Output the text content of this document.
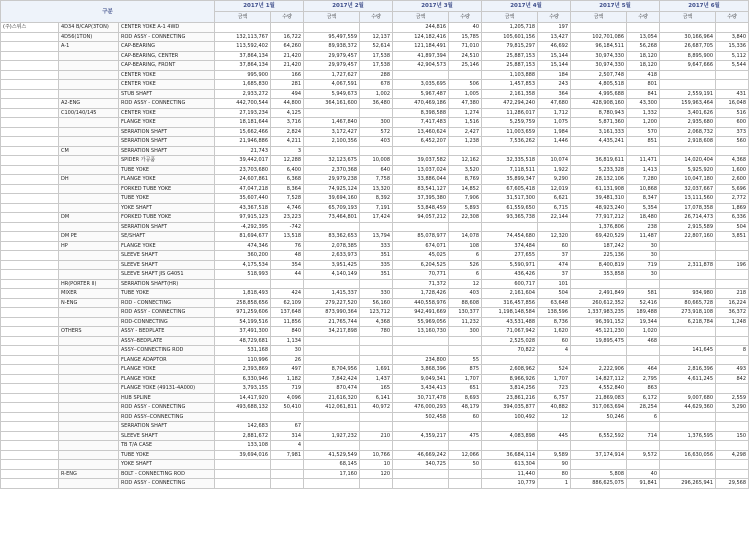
구분			2017년 1월		2017년 2월		2017년 3월		2017년 4월		2017년 5월		2017년 6월	
			금액	수량	금액	수량	금액	수량	금액	수량	금액	수량	금액	수량
(주)스위스	4D34 B/CAP(3TON)	CENTER YOKE A-1 4WD					244,816	40	1,205,718	197				
	4D56(1TON)	ROD ASSY - CONNECTING	132,113,767	16,722	95,497,559	12,137	124,182,416	15,785	105,601,156	13,427	102,701,086	13,054	30,166,964	3,840
	A-1	CAP-BEARING	113,592,402	64,260	89,938,372	52,614	121,184,491	71,010	79,815,297	46,692	96,184,511	56,268	26,687,705	15,336
		CAP-BEARING, CENTER	37,864,134	21,420	29,979,457	17,538	41,897,394	24,510	25,887,153	15,144	30,974,330	18,120	8,895,900	5,112
		CAP-BEARING, FRONT	37,864,134	21,420	29,979,457	17,538	42,904,573	25,146	25,887,153	15,144	30,974,330	18,120	9,647,666	5,544
		CENTER YOKE	995,900	166	1,727,627	288			1,103,888	184	2,507,748	418		
		CENTER YOKE	1,685,830	281	4,067,591	678	3,035,695	506	1,457,853	243	4,805,518	801		
		STUB SHAFT	2,933,272	494	5,949,673	1,002	5,967,487	1,005	2,161,358	364	4,995,688	841	2,559,191	431
	A2-ENG	ROD ASSY - CONNECTING	442,700,544	44,800	364,161,600	36,480	470,469,186	47,380	472,294,240	47,680	428,908,160	43,300	159,963,464	16,048
	C100/140/145	CENTER YOKE	27,193,234	4,125			8,398,588	1,274	11,286,017	1,712	8,780,943	1,332	3,401,626	516
		FLANGE YOKE	18,181,644	3,716	1,467,840	300	7,417,483	1,516	5,259,759	1,075	5,871,360	1,200	2,935,680	600
		SERRATION SHAFT	15,662,466	2,824	3,172,427	572	13,460,624	2,427	11,003,659	1,984	3,161,333	570	2,068,732	373
		SERRATION SHAFT	21,946,886	4,211	2,100,356	403	6,452,207	1,238	7,536,262	1,446	4,435,241	851	2,918,608	560
	CM	SERRATION SHAFT	21,743	3										
		SPIDER 가공품	39,442,017	12,288	32,123,675	10,008	39,037,582	12,162	32,335,518	10,074	36,819,611	11,471	14,020,404	4,368
		TUBE YOKE	23,703,680	6,400	2,370,368	640	13,037,024	3,520	7,118,511	1,922	5,233,328	1,413	5,925,920	1,600
	DH	FLANGE YOKE	24,607,861	6,368	29,979,238	7,758	33,886,044	8,769	35,899,347	9,290	28,132,106	7,280	10,047,180	2,600
		FORKED TUBE YOKE	47,047,218	8,364	74,925,124	13,320	83,541,127	14,852	67,605,418	12,019	61,131,908	10,868	32,037,667	5,696
		TUBE YOKE	35,607,440	7,528	39,694,160	8,392	37,395,380	7,906	31,517,300	6,621	39,481,310	8,347	13,111,560	2,772
		YOKE SHAFT	43,367,518	4,746	65,709,193	7,191	53,848,459	5,893	61,559,650	6,715	48,923,240	5,354	17,078,358	1,869
	DM	FORKED TUBE YOKE	97,915,123	23,223	73,464,801	17,424	94,057,212	22,308	93,365,738	22,144	77,917,212	18,480	26,714,473	6,336
		SERRATION SHAFT	-4,292,395	-742							1,376,806	238	2,915,589	504
	DM PE	SE/SHAFT	81,694,677	13,518	83,362,653	13,794	85,078,977	14,078	74,454,680	12,320	69,420,529	11,487	22,807,160	3,851
	HP	FLANGE YOKE	474,346	76	2,078,385	333	674,071	108	374,484	60	187,242	30		
		SLEEVE SHAFT	360,200	48	2,633,973	351	45,025	6	277,655	37	225,136	30		
		SLEEVE SHAFT	4,175,534	354	3,951,425	335	6,204,525	526	5,590,971	474	8,400,819	719	2,311,878	196
		SLEEVE SHAFT JIS G4051	518,993	44	4,140,149	351	70,771	6	436,426	37	353,858	30		
	HR(PORTER II)	SERRATION SHAFT(HR)					71,372	12	600,717	101				
	MIXER	TUBE YOKE	1,818,493	424	1,415,337	330	1,728,426	403	2,161,604	504	2,491,849	581	934,980	218
	N-ENG	ROD - CONNECTING	258,858,656	62,109	279,227,520	56,160	440,558,976	88,608	316,457,856	63,648	260,612,352	52,416	80,665,728	16,224
		ROD ASSY - CONNECTING	971,259,606	137,648	873,990,364	123,712	942,491,669	130,377	1,198,148,584	138,596	1,337,983,235	189,488	273,918,108	36,372
		ROD-CONNECTING	54,199,516	11,856	21,765,744	4,368	55,969,056	11,232	43,531,488	8,736	96,391,152	19,344	6,218,784	1,248
	OTHERS	ASSY - BEDPLATE	37,491,300	840	34,217,898	780	13,160,730	300	71,067,942	1,620	45,121,230	1,020		
		ASSY--BEDPLATE	48,729,681	1,134					2,525,028	60	19,895,475	468		
		ASSY--CONNECTING ROD	531,168	30					70,822	4			141,645	8
		FLANGE ADAPTOR	110,996	26			234,800	55						
		FLANGE YOKE	2,393,869	497	8,704,956	1,691	3,868,396	875	2,608,962	524	2,222,906	464	2,816,396	493
		FLANGE YOKE	6,330,946	1,182	7,842,424	1,437	9,049,341	1,707	8,966,926	1,707	14,827,112	2,795	4,611,245	842
		FLANGE YOKE (49131-4A000)	3,793,155	719	870,474	165	3,434,413	651	3,814,256	723	4,552,840	863		
		HUB SPLINE	14,417,920	4,096	21,616,320	6,141	30,717,478	8,693	23,861,216	6,757	21,869,083	6,172	9,007,680	2,559
		ROD ASSY - CONNECTING	493,688,132	50,410	412,061,811	40,972	476,000,293	48,179	394,035,877	40,882	317,063,694	28,254	44,629,360	3,290
		ROD ASSY--CONNECTING					502,458	60	100,492	12	50,246	6		
		SERRATION SHAFT	142,683	67										
		SLEEVE SHAFT	2,881,672	314	1,927,232	210	4,359,217	475	4,083,898	445	6,552,592	714	1,376,595	150
		TB T/A CASE	133,108	4										
		TUBE YOKE	39,694,016	7,981	41,529,549	10,766	46,669,242	12,066	36,684,114	9,589	37,174,914	9,572	16,630,056	4,298
		YOKE SHAFT			68,145	10	340,725	50	613,304	90				
	R-ENG	BOLT - CONNECTING ROD			17,160	120			11,440	80	5,808	40		
		ROD ASSY - CONNECTING							10,779	1	886,625,075	91,841	296,265,941	29,568
